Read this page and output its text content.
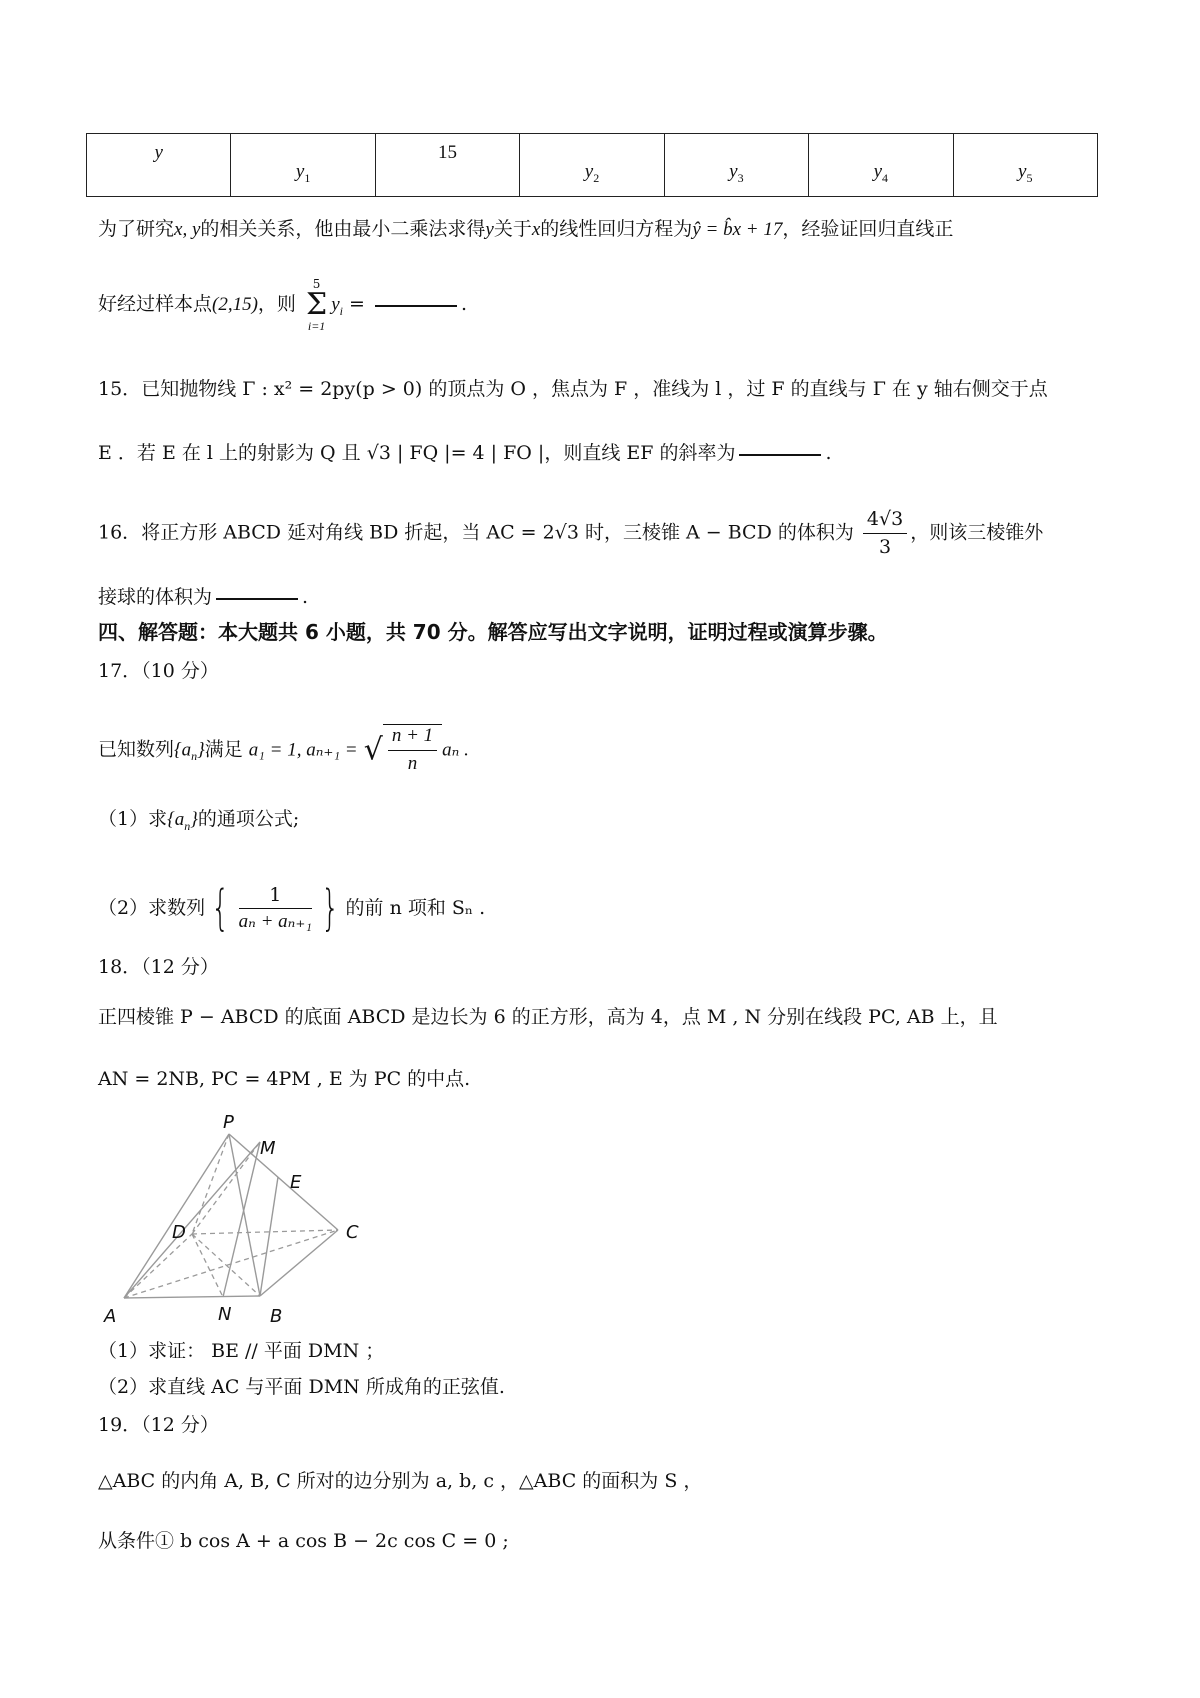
y	$y_1$	15	$y_2$	$y_3$	$y_4$	$y_5$
为了研究x, y的相关关系，他由最小二乘法求得y关于x的线性回归方程为ŷ = b̂x + 17，经验证回归直线正
好经过样本点(2,15)，则 5
Σ
$i=1y_i$ =	.
15．已知抛物线 Γ : x² = 2py(p > 0) 的顶点为 O ，焦点为 F ，准线为 l ，过 F 的直线与 Γ 在 y 轴右侧交于点
E ．若 E 在 l 上的射影为 Q 且 √3 | FQ |= 4 | FO |，则直线 EF 的斜率为	.
16．将正方形 ABCD 延对角线 BD 折起，当 AC = 2√3 时，三棱锥 A − BCD 的体积为 $\frac{4√3}{3}$ ，则该三棱锥外
接球的体积为	.
四、解答题：本大题共 6 小题，共 70 分。解答应写出文字说明，证明过程或演算步骤。
17．（10 分）
已知数列$\{a_n\}$满足 a₁ = 1, aₙ₊₁ = √ $\frac{n + 1}{n}$ aₙ .
（1）求$\{a_n\}$的通项公式;
（2）求数列 { $\frac{1}{\text{aₙ + aₙ₊₁}}$ } 的前 n 项和 Sₙ .
18．（12 分）
正四棱锥 P − ABCD 的底面 ABCD 是边长为 6 的正方形，高为 4，点 M , N 分别在线段 PC, AB 上，且
AN = 2NB, PC = 4PM , E 为 PC 的中点.
P
M
E
D	C
A	N B
（1）求证： BE // 平面 DMN ；
（2）求直线 AC 与平面 DMN 所成角的正弦值.
19．（12 分）
△ABC 的内角 A, B, C 所对的边分别为 a, b, c ，△ABC 的面积为 S ，
从条件① b cos A + a cos B − 2c cos C = 0 ;
